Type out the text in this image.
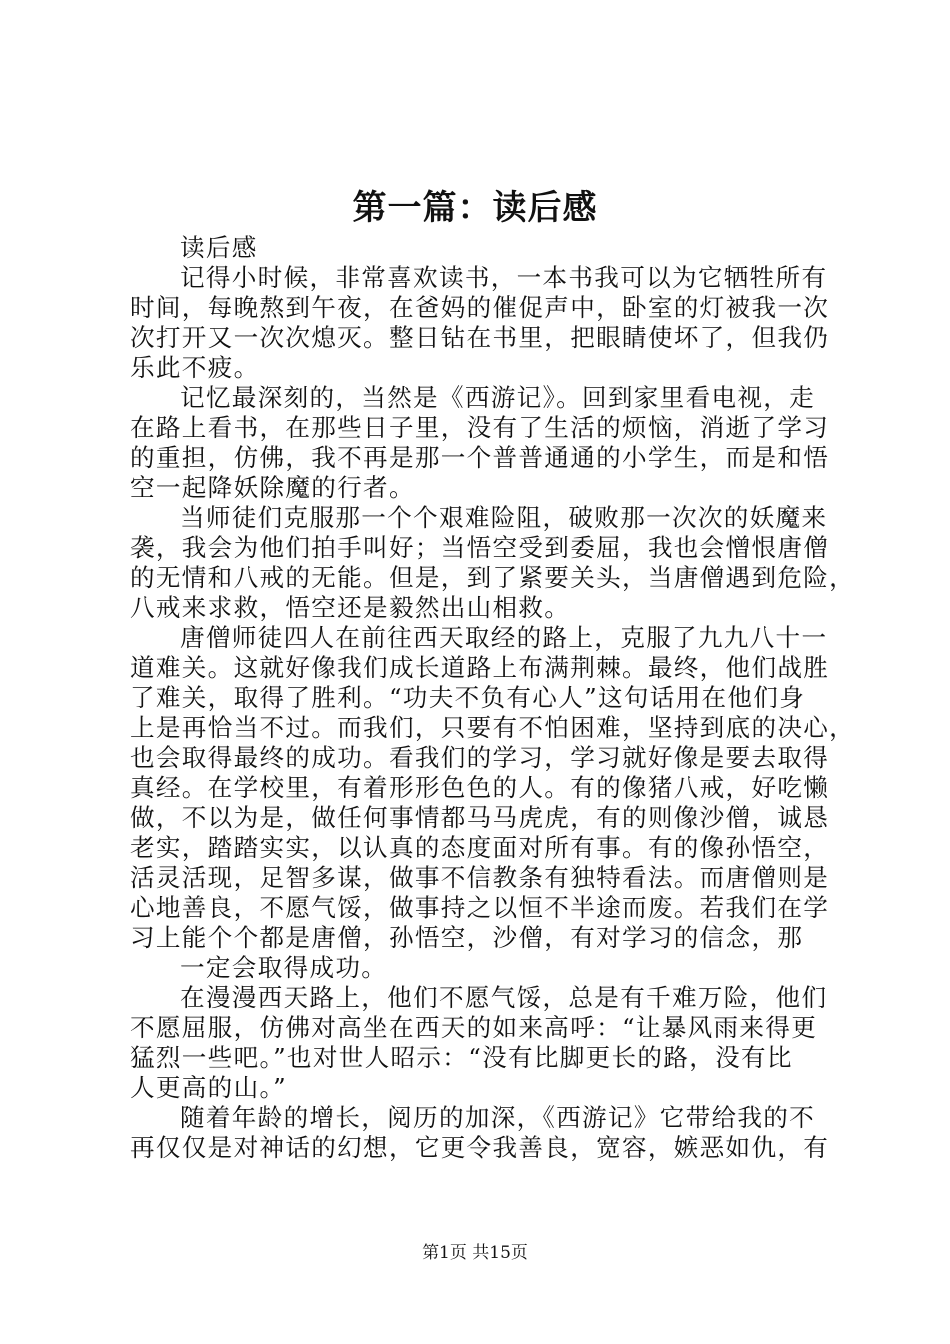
第一篇：读后感
读后感
记得小时候，非常喜欢读书，一本书我可以为它牺牲所有
时间，每晚熬到午夜，在爸妈的催促声中，卧室的灯被我一次
次打开又一次次熄灭。整日钻在书里，把眼睛使坏了，但我仍
乐此不疲。
记忆最深刻的，当然是《西游记》。回到家里看电视，走
在路上看书，在那些日子里，没有了生活的烦恼，消逝了学习
的重担，仿佛，我不再是那一个普普通通的小学生，而是和悟
空一起降妖除魔的行者。
当师徒们克服那一个个艰难险阻，破败那一次次的妖魔来
袭，我会为他们拍手叫好；当悟空受到委屈，我也会憎恨唐僧
的无情和八戒的无能。但是，到了紧要关头，当唐僧遇到危险，
八戒来求救，悟空还是毅然出山相救。
唐僧师徒四人在前往西天取经的路上，克服了九九八十一
道难关。这就好像我们成长道路上布满荆棘。最终，他们战胜
了难关，取得了胜利。“功夫不负有心人”这句话用在他们身
上是再恰当不过。而我们，只要有不怕困难，坚持到底的决心，
也会取得最终的成功。看我们的学习，学习就好像是要去取得
真经。在学校里，有着形形色色的人。有的像猪八戒，好吃懒
做，不以为是，做任何事情都马马虎虎，有的则像沙僧，诚恳
老实，踏踏实实，以认真的态度面对所有事。有的像孙悟空，
活灵活现，足智多谋，做事不信教条有独特看法。而唐僧则是
心地善良，不愿气馁，做事持之以恒不半途而废。若我们在学
习上能个个都是唐僧，孙悟空，沙僧，有对学习的信念，那
一定会取得成功。
在漫漫西天路上，他们不愿气馁，总是有千难万险，他们
不愿屈服，仿佛对高坐在西天的如来高呼：“让暴风雨来得更
猛烈一些吧。”也对世人昭示：“没有比脚更长的路，没有比
人更高的山。”
随着年龄的增长，阅历的加深，《西游记》它带给我的不
再仅仅是对神话的幻想，它更令我善良，宽容，嫉恶如仇，有
第1页 共15页
